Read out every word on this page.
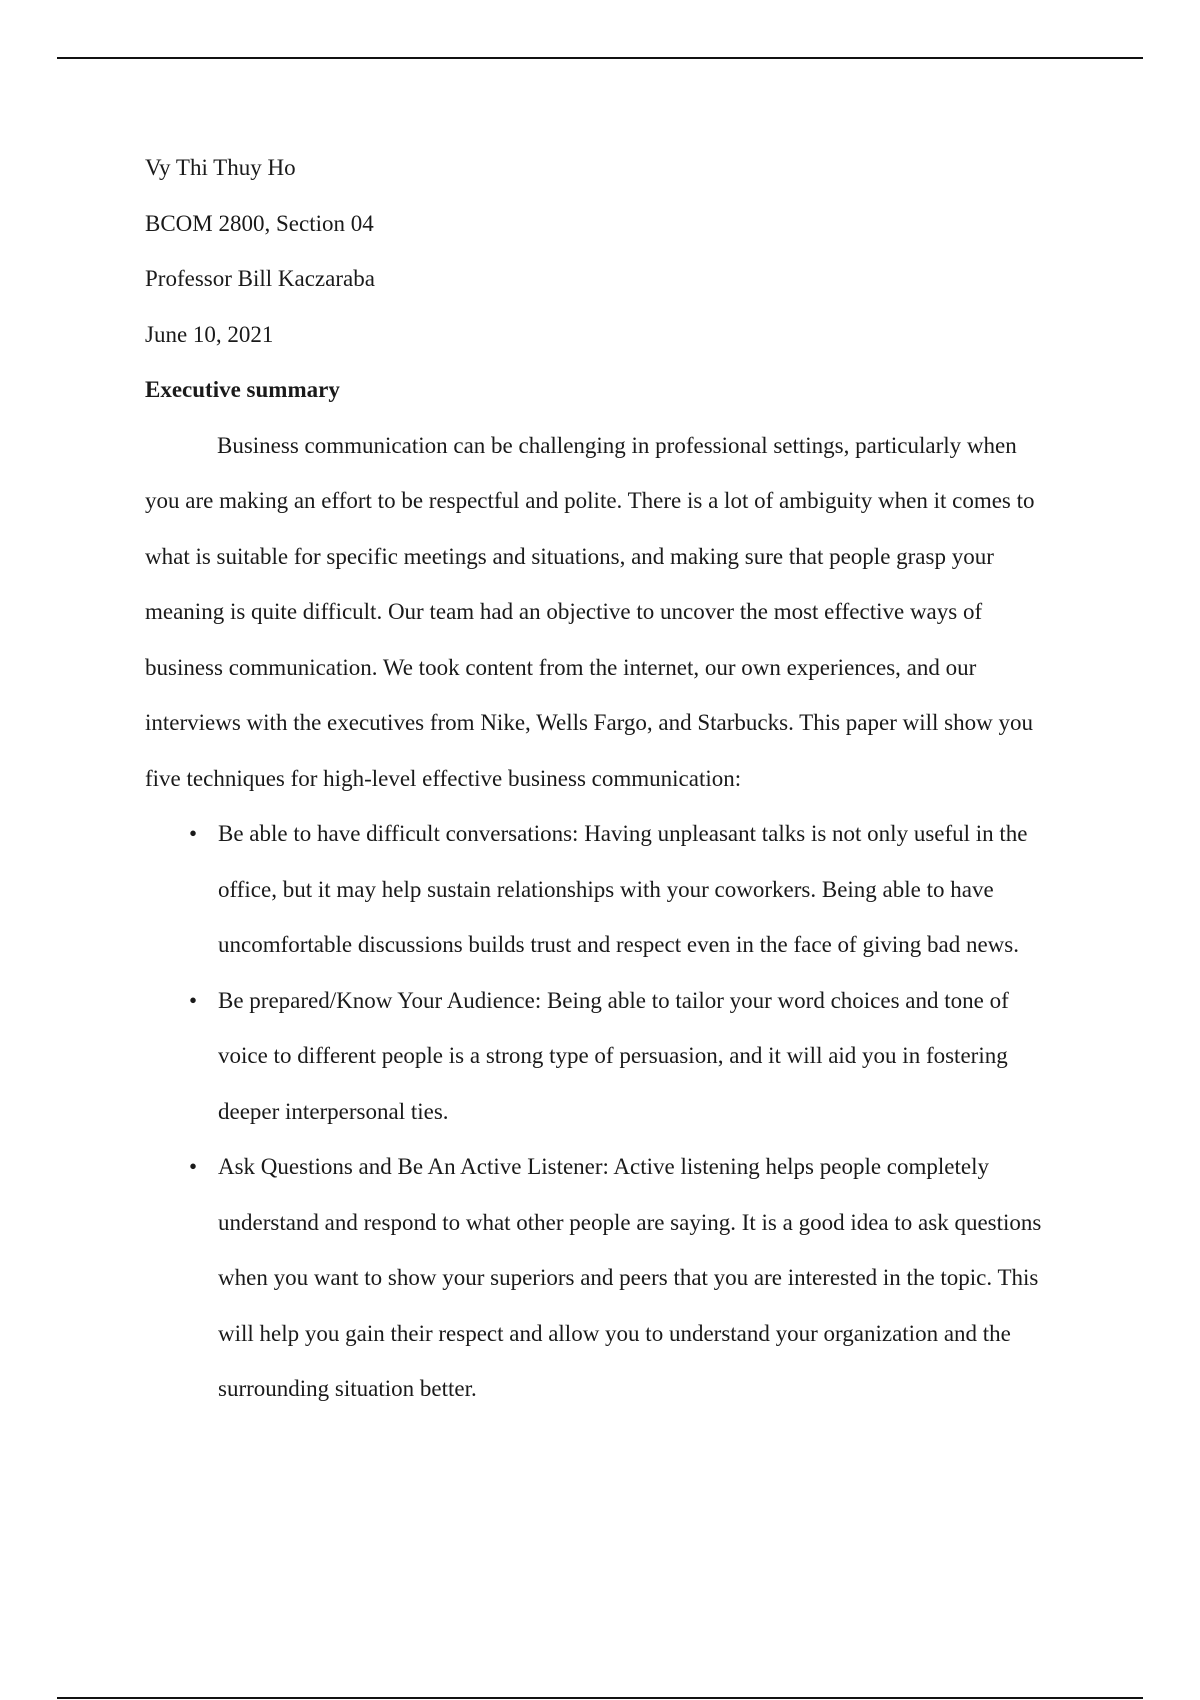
Vy Thi Thuy Ho
BCOM 2800, Section 04
Professor Bill Kaczaraba
June 10, 2021
Executive summary
Business communication can be challenging in professional settings, particularly when
you are making an effort to be respectful and polite. There is a lot of ambiguity when it comes to
what is suitable for specific meetings and situations, and making sure that people grasp your
meaning is quite difficult. Our team had an objective to uncover the most effective ways of
business communication. We took content from the internet, our own experiences, and our
interviews with the executives from Nike, Wells Fargo, and Starbucks. This paper will show you
five techniques for high-level effective business communication:
• Be able to have difficult conversations: Having unpleasant talks is not only useful in the
office, but it may help sustain relationships with your coworkers. Being able to have
uncomfortable discussions builds trust and respect even in the face of giving bad news.
• Be prepared/Know Your Audience: Being able to tailor your word choices and tone of
voice to different people is a strong type of persuasion, and it will aid you in fostering
deeper interpersonal ties.
• Ask Questions and Be An Active Listener: Active listening helps people completely
understand and respond to what other people are saying. It is a good idea to ask questions
when you want to show your superiors and peers that you are interested in the topic. This
will help you gain their respect and allow you to understand your organization and the
surrounding situation better.
